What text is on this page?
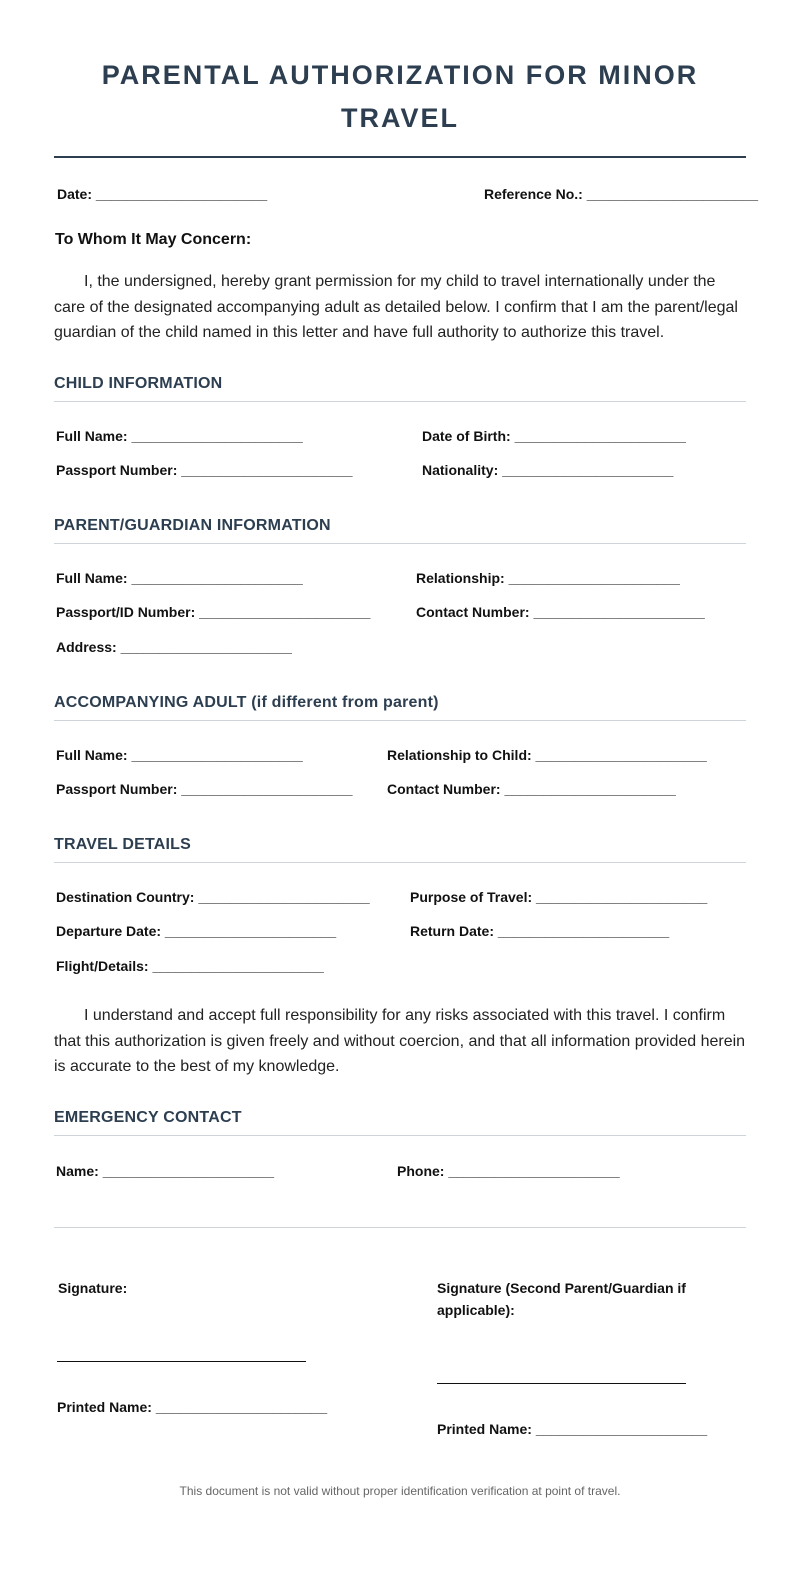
PARENTAL AUTHORIZATION FOR MINOR TRAVEL
Date: ______________________	Reference No.: ______________________
To Whom It May Concern:
I, the undersigned, hereby grant permission for my child to travel internationally under the care of the designated accompanying adult as detailed below. I confirm that I am the parent/legal guardian of the child named in this letter and have full authority to authorize this travel.
CHILD INFORMATION
Full Name: ______________________	Date of Birth: ______________________
Passport Number: ______________________	Nationality: ______________________
PARENT/GUARDIAN INFORMATION
Full Name: ______________________	Relationship: ______________________
Passport/ID Number: ______________________	Contact Number: ______________________
Address: ______________________
ACCOMPANYING ADULT (if different from parent)
Full Name: ______________________	Relationship to Child: ______________________
Passport Number: ______________________ Contact Number: ______________________
TRAVEL DETAILS
Destination Country: ______________________	Purpose of Travel: ______________________
Departure Date: ______________________	Return Date: ______________________
Flight/Details: ______________________
I understand and accept full responsibility for any risks associated with this travel. I confirm that this authorization is given freely and without coercion, and that all information provided herein is accurate to the best of my knowledge.
EMERGENCY CONTACT
Name: ______________________	Phone: ______________________
Signature:
Printed Name: ______________________
Signature (Second Parent/Guardian if
applicable):
Printed Name: ______________________
This document is not valid without proper identification verification at point of travel.
